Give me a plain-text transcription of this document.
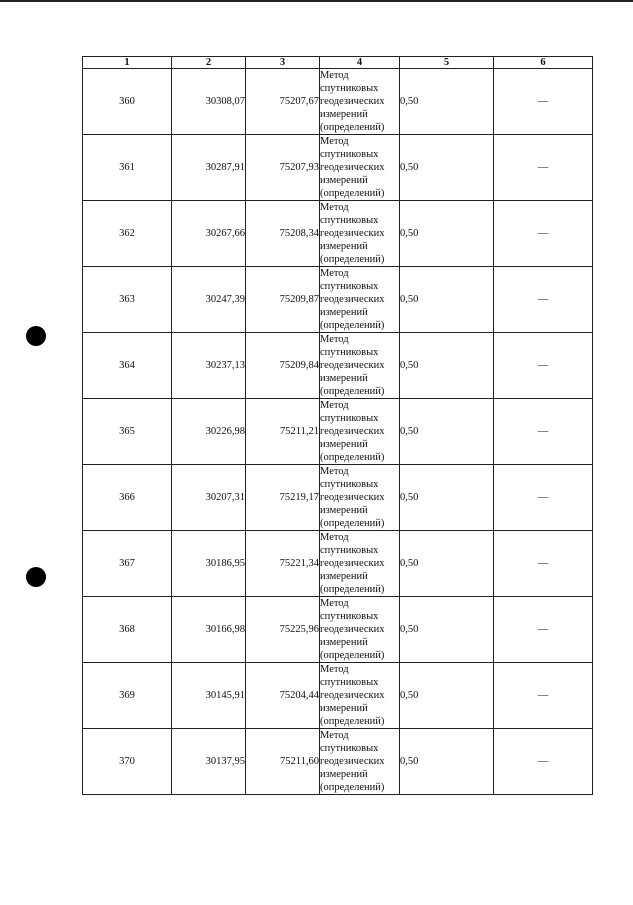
1	2	3	4	5	6
360	30308,07	75207,67	Метод
спутниковых
геодезических
измерений
(определений)	0,50	—
361	30287,91	75207,93	Метод
спутниковых
геодезических
измерений
(определений)	0,50	—
362	30267,66	75208,34	Метод
спутниковых
геодезических
измерений
(определений)	0,50	—
363	30247,39	75209,87	Метод
спутниковых
геодезических
измерений
(определений)	0,50	—
364	30237,13	75209,84	Метод
спутниковых
геодезических
измерений
(определений)	0,50	—
365	30226,98	75211,21	Метод
спутниковых
геодезических
измерений
(определений)	0,50	—
366	30207,31	75219,17	Метод
спутниковых
геодезических
измерений
(определений)	0,50	—
367	30186,95	75221,34	Метод
спутниковых
геодезических
измерений
(определений)	0,50	—
368	30166,98	75225,96	Метод
спутниковых
геодезических
измерений
(определений)	0,50	—
369	30145,91	75204,44	Метод
спутниковых
геодезических
измерений
(определений)	0,50	—
370	30137,95	75211,60	Метод
спутниковых
геодезических
измерений
(определений)	0,50	—
